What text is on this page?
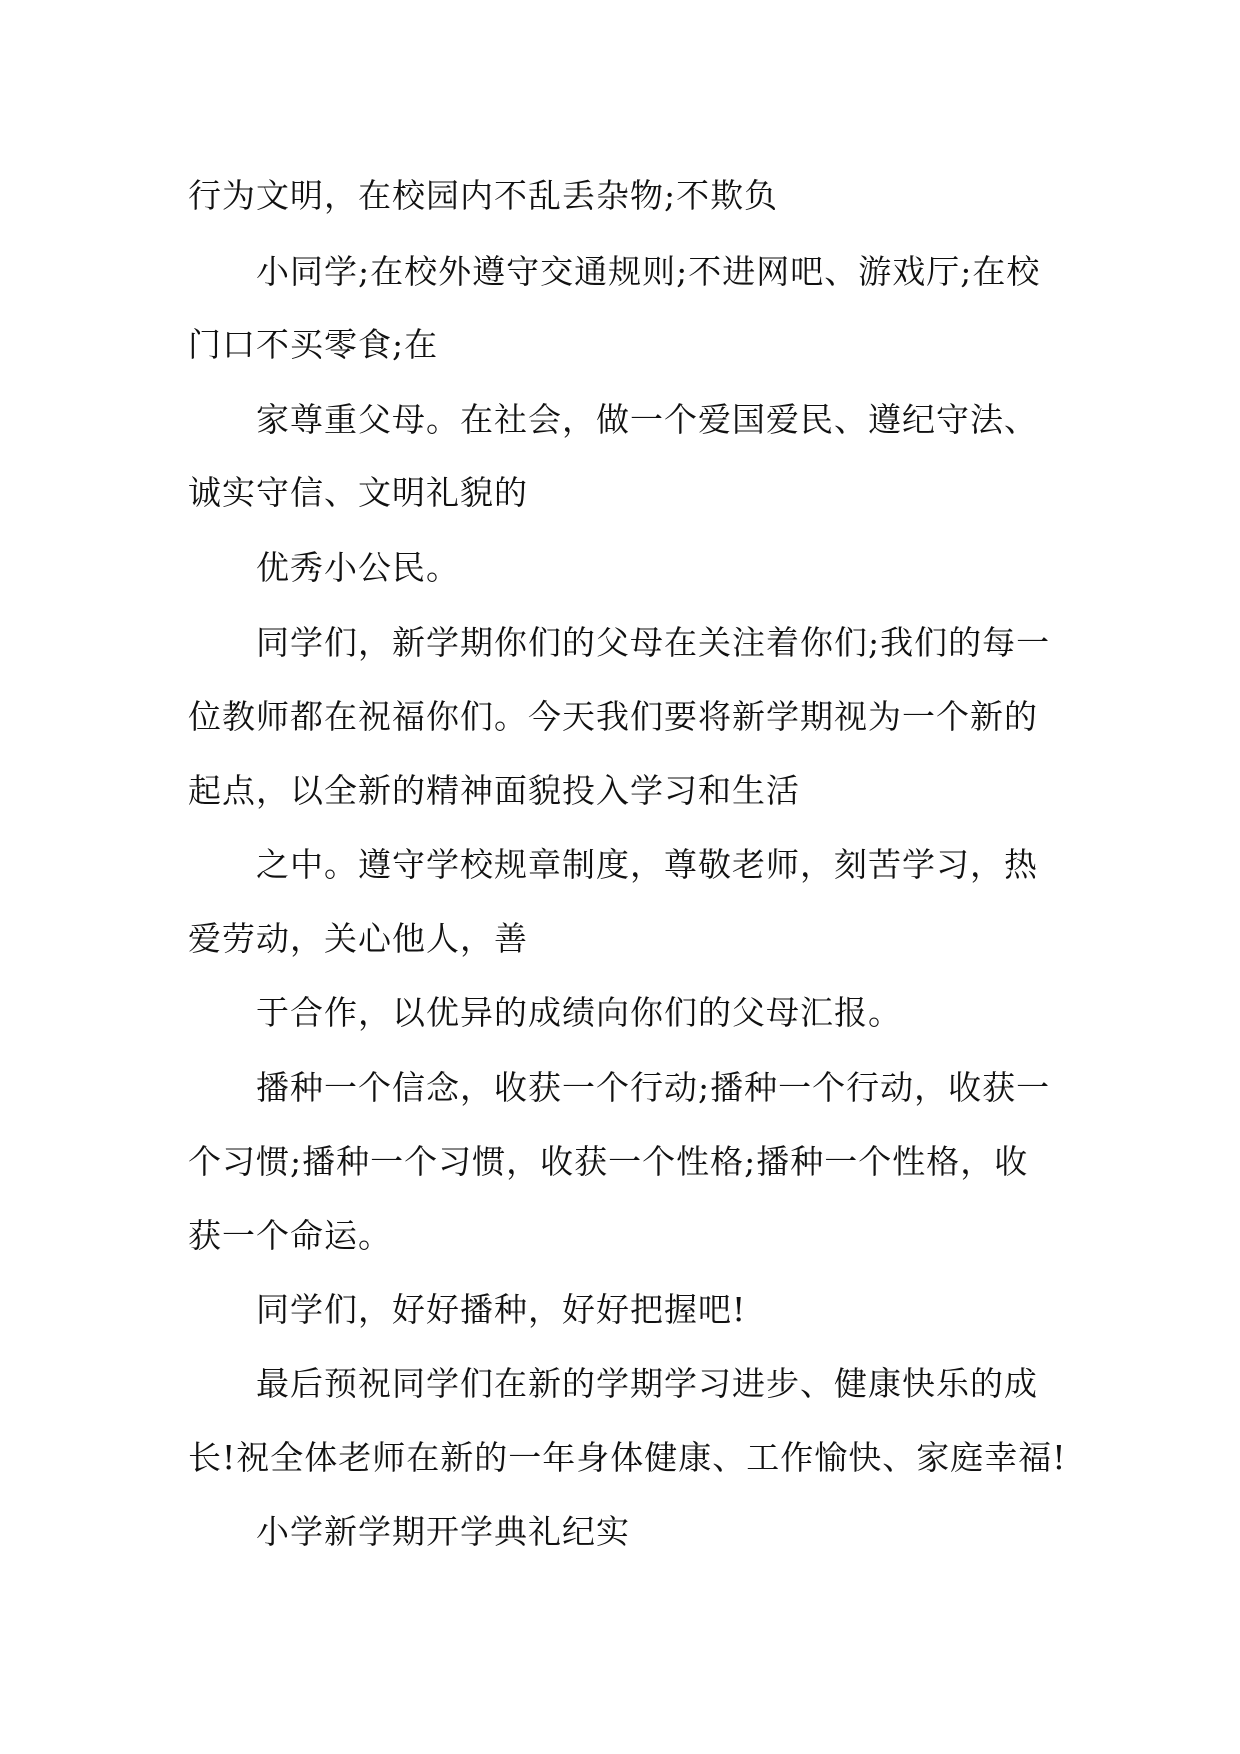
行为文明，在校园内不乱丢杂物;不欺负
小同学;在校外遵守交通规则;不进网吧、游戏厅;在校
门口不买零食;在
家尊重父母。在社会，做一个爱国爱民、遵纪守法、
诚实守信、文明礼貌的
优秀小公民。
同学们，新学期你们的父母在关注着你们;我们的每一
位教师都在祝福你们。今天我们要将新学期视为一个新的
起点，以全新的精神面貌投入学习和生活
之中。遵守学校规章制度，尊敬老师，刻苦学习，热
爱劳动，关心他人，善
于合作，以优异的成绩向你们的父母汇报。
播种一个信念，收获一个行动;播种一个行动，收获一
个习惯;播种一个习惯，收获一个性格;播种一个性格，收
获一个命运。
同学们，好好播种，好好把握吧!
最后预祝同学们在新的学期学习进步、健康快乐的成
长!祝全体老师在新的一年身体健康、工作愉快、家庭幸福!
小学新学期开学典礼纪实
